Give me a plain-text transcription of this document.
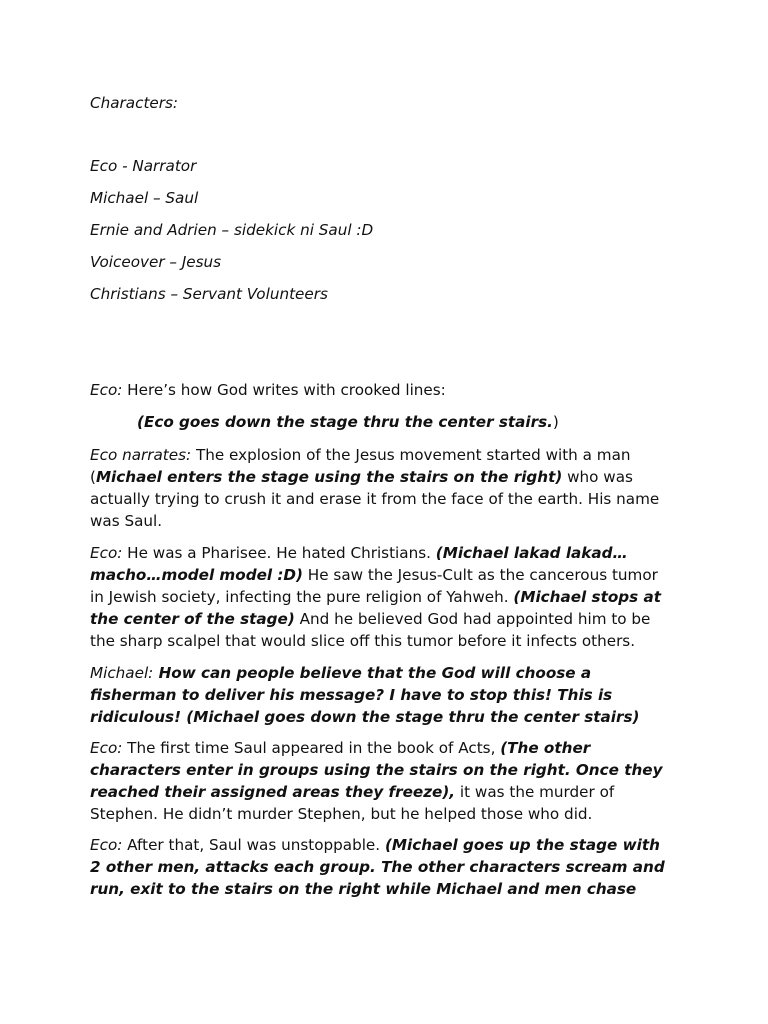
Characters:
Eco - Narrator
Michael – Saul
Ernie and Adrien – sidekick ni Saul :D
Voiceover – Jesus
Christians – Servant Volunteers
Eco: Here’s how God writes with crooked lines:
(Eco goes down the stage thru the center stairs.)
Eco narrates: The explosion of the Jesus movement started with a man
(Michael enters the stage using the stairs on the right) who was
actually trying to crush it and erase it from the face of the earth. His name
was Saul.
Eco: He was a Pharisee. He hated Christians. (Michael lakad lakad…
macho…model model :D) He saw the Jesus-Cult as the cancerous tumor
in Jewish society, infecting the pure religion of Yahweh. (Michael stops at
the center of the stage) And he believed God had appointed him to be
the sharp scalpel that would slice off this tumor before it infects others.
Michael: How can people believe that the God will choose a
fisherman to deliver his message? I have to stop this! This is
ridiculous! (Michael goes down the stage thru the center stairs)
Eco: The first time Saul appeared in the book of Acts, (The other
characters enter in groups using the stairs on the right. Once they
reached their assigned areas they freeze), it was the murder of
Stephen. He didn’t murder Stephen, but he helped those who did.
Eco: After that, Saul was unstoppable. (Michael goes up the stage with
2 other men, attacks each group. The other characters scream and
run, exit to the stairs on the right while Michael and men chase
